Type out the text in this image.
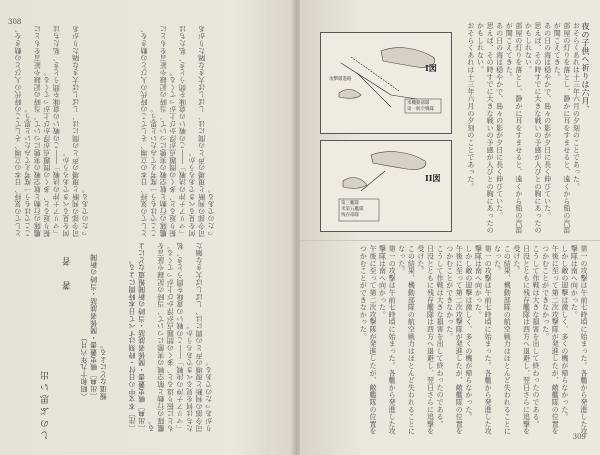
308

としての気持、日本の立場、そしてこの時代の人びとの動きを、ここではもう一度考えてみたいと思う。 艦隊の行動と航空戦の実態について、当時の記録や証言をもとに振り返ると、多くの問題点が浮かび上がってくる。 「マリアナ沖の決戦」――この戦いの意味を問うとき、私たちは何を見るべきであろうか。 司令部の判断と現場の声との間には、しばしば大きな隔たりがあったのである。	としての気持、日本の立場、そしてこの時代の人びとの動きを、ここではもう一度考えてみたいと思う。 艦隊の行動と航空戦の実態について、当時の記録や証言をもとに振り返ると、多くの問題点が浮かび上がってくる。 「マリアナ沖の決戦」――この戦いの意味を問うとき、私たちは何を見るべきであろうか。 司令部の判断と現場の声との間には、しばしば大きな隔たりがあったのである。

〔注〕本文中の日付・時刻はすべて日本時間による。 〔出典〕戦史叢書・関係者談話・当時の新聞報道などによる。 艦隊の行動と航空戦の実態について、当時の記録や証言をもとに振り返ると、多くの問題点が浮かび上がってくる。 「マリアナ沖の決戦」――この戦いの意味を問うとき、私たちは何を見るべきであろうか。 司令部の判断と現場の声との間には、しばしば大きな隔たりがあったのである。

（昭和十九年六月） 〔出典〕戦史叢書・関係者談話・当時の新聞報道などによる。

しのぶ思い出
著　者
309

夜の子供へ祈りは六月、

おそらくあれは十三年六月の夕刻のことであった。

部屋の灯りを落とし、静かに耳をすませると、遠くから船の汽笛が聞こえてきた。

あの日の海は穏やかで、島々の影が夕日に長く伸びていた。

思えば、その時すでに大きな戦いの予感が人びとの胸にあったのかもしれない。

部屋の灯りを落とし、静かに耳をすませると、遠くから船の汽笛が聞こえてきた。

あの日の海は穏やかで、島々の影が夕日に長く伸びていた。

思えば、その時すでに大きな戦いの予感が人びとの胸にあったのかもしれない。

おそらくあれは十三年六月の夕刻のことであった。

第一の攻撃は午前七時頃に始まった。各艦から発進した攻撃隊は南へ向かった。

しかし敵の迎撃は激しく、多くの機が帰らなかった。

午後に至って第二次攻撃隊が発進したが、敵艦隊の位置をつかむことができなかった。

こうして作戦は大きな損害を出して終わったのである。

日没とともに残存艦隊は西方へ退避し、翌日さらに追撃を受けた。

この結果、機動部隊の航空戦力はほとんど失われることになった。

第一の攻撃は午前七時頃に始まった。各艦から発進した攻撃隊は南へ向かった。

しかし敵の迎撃は激しく、多くの機が帰らなかった。

午後に至って第二次攻撃隊が発進したが、敵艦隊の位置をつかむことができなかった。

こうして作戦は大きな損害を出して終わったのである。

日没とともに残存艦隊は西方へ退避し、翌日さらに追撃を受けた。

この結果、機動部隊の航空戦力はほとんど失われることになった。

第一の攻撃は午前七時頃に始まった。各艦から発進した攻撃隊は南へ向かった。

午後に至って第二次攻撃隊が発進したが、敵艦隊の位置をつかむことができなかった。

I図
米機動部隊
第一航空戦隊
攻撃隊進路
II図
第三艦隊
米第五艦隊
残存部隊
